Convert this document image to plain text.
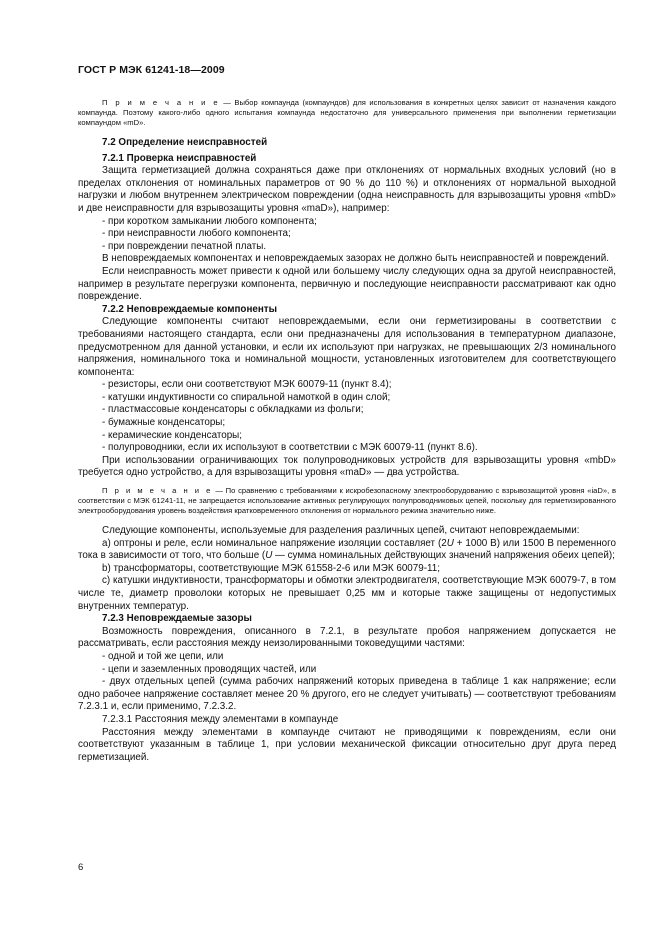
ГОСТ Р МЭК 61241-18—2009

П р и м е ч а н и е — Выбор компаунда (компаундов) для использования в конкретных целях зависит от назначения каждого компаунда. Поэтому какого-либо одного испытания компаунда недостаточно для универсального применения при выполнении герметизации компаундом «mD».

7.2 Определение неисправностей

7.2.1 Проверка неисправностей

Защита герметизацией должна сохраняться даже при отклонениях от нормальных входных условий (но в пределах отклонения от номинальных параметров от 90 % до 110 %) и отклонениях от нормальной выходной нагрузки и любом внутреннем электрическом повреждении (одна неисправность для взрывозащиты уровня «mbD» и две неисправности для взрывозащиты уровня «maD»), например:

- при коротком замыкании любого компонента;

- при неисправности любого компонента;

- при повреждении печатной платы.

В неповреждаемых компонентах и неповреждаемых зазорах не должно быть неисправностей и повреждений.

Если неисправность может привести к одной или большему числу следующих одна за другой неисправностей, например в результате перегрузки компонента, первичную и последующие неисправности рассматривают как одно повреждение.

7.2.2 Неповреждаемые компоненты

Следующие компоненты считают неповреждаемыми, если они герметизированы в соответствии с требованиями настоящего стандарта, если они предназначены для использования в температурном диапазоне, предусмотренном для данной установки, и если их используют при нагрузках, не превышающих 2/3 номинального напряжения, номинального тока и номинальной мощности, установленных изготовителем для соответствующего компонента:

- резисторы, если они соответствуют МЭК 60079-11 (пункт 8.4);

- катушки индуктивности со спиральной намоткой в один слой;

- пластмассовые конденсаторы с обкладками из фольги;

- бумажные конденсаторы;

- керамические конденсаторы;

- полупроводники, если их используют в соответствии с МЭК 60079-11 (пункт 8.6).

При использовании ограничивающих ток полупроводниковых устройств для взрывозащиты уровня «mbD» требуется одно устройство, а для взрывозащиты уровня «maD» — два устройства.

П р и м е ч а н и е — По сравнению с требованиями к искробезопасному электрооборудованию с взрывозащитой уровня «iaD», в соответствии с МЭК 61241-11, не запрещается использование активных регулирующих полупроводниковых цепей, поскольку для герметизированного электрооборудования уровень воздействия кратковременного отклонения от нормального режима значительно ниже.

Следующие компоненты, используемые для разделения различных цепей, считают неповреждаемыми:

а) оптроны и реле, если номинальное напряжение изоляции составляет (2U + 1000 В) или 1500 В переменного тока в зависимости от того, что больше (U — сумма номинальных действующих значений напряжения обеих цепей);

b) трансформаторы, соответствующие МЭК 61558-2-6 или МЭК 60079-11;

с) катушки индуктивности, трансформаторы и обмотки электродвигателя, соответствующие МЭК 60079-7, в том числе те, диаметр проволоки которых не превышает 0,25 мм и которые также защищены от недопустимых внутренних температур.

7.2.3 Неповреждаемые зазоры

Возможность повреждения, описанного в 7.2.1, в результате пробоя напряжением допускается не рассматривать, если расстояния между неизолированными токоведущими частями:

- одной и той же цепи, или

- цепи и заземленных проводящих частей, или

- двух отдельных цепей (сумма рабочих напряжений которых приведена в таблице 1 как напряжение; если одно рабочее напряжение составляет менее 20 % другого, его не следует учитывать) — соответствуют требованиям 7.2.3.1 и, если применимо, 7.2.3.2.

7.2.3.1 Расстояния между элементами в компаунде

Расстояния между элементами в компаунде считают не приводящими к повреждениям, если они соответствуют указанным в таблице 1, при условии механической фиксации относительно друг друга перед герметизацией.

6
